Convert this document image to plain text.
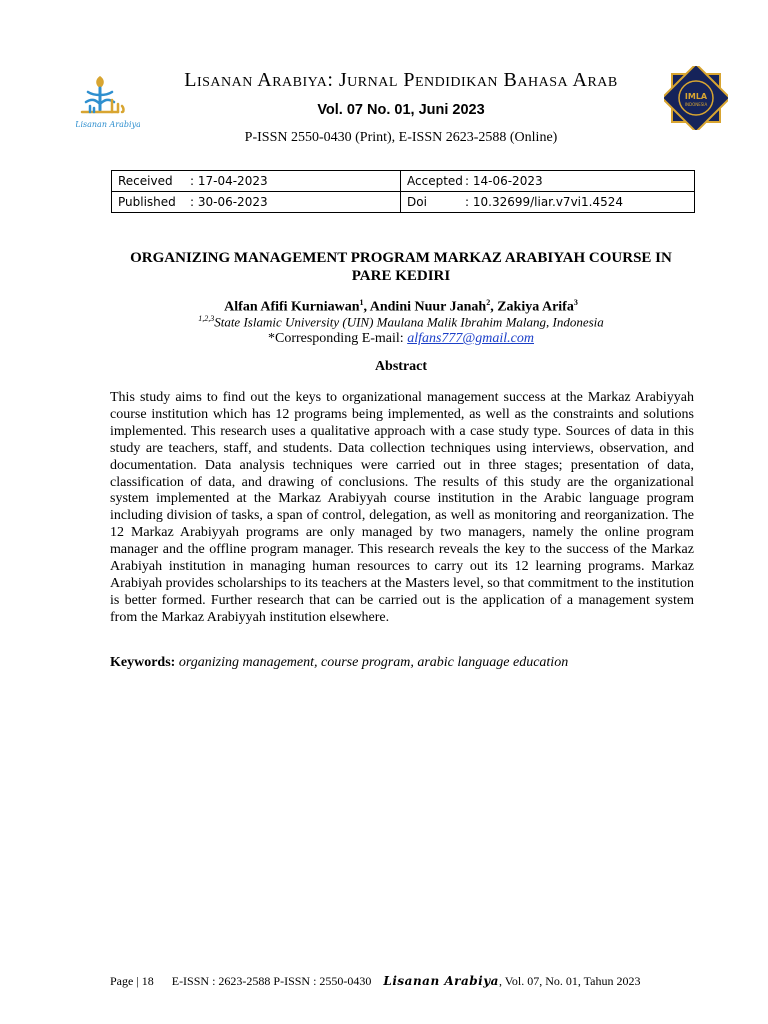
Lisanan Arabiya
IMLA
INDONESIA
Lisanan Arabiya: Jurnal Pendidikan Bahasa Arab
Vol. 07 No. 01, Juni 2023
P-ISSN 2550-0430 (Print), E-ISSN 2623-2588 (Online)
Received : 17-04-2023	Accepted : 14-06-2023
Published : 30-06-2023	Doi : 10.32699/liar.v7vi1.4524
ORGANIZING MANAGEMENT PROGRAM MARKAZ ARABIYAH COURSE IN PARE KEDIRI
Alfan Afifi Kurniawan$^1$, Andini Nuur Janah$^2$, Zakiya Arifa$^3$
$^{1,2,3}$State Islamic University (UIN) Maulana Malik Ibrahim Malang, Indonesia
*Corresponding E-mail: alfans777@gmail.com
Abstract

This study aims to find out the keys to organizational management success at the Markaz Arabiyyah course institution which has 12 programs being implemented, as well as the constraints and solutions implemented. This research uses a qualitative approach with a case study type. Sources of data in this study are teachers, staff, and students. Data collection techniques using interviews, observation, and documentation. Data analysis techniques were carried out in three stages; presentation of data, classification of data, and drawing of conclusions. The results of this study are the organizational system implemented at the Markaz Arabiyyah course institution in the Arabic language program including division of tasks, a span of control, delegation, as well as monitoring and reorganization. The 12 Markaz Arabiyyah programs are only managed by two managers, namely the online program manager and the offline program manager. This research reveals the key to the success of the Markaz Arabiyah institution in managing human resources to carry out its 12 learning programs. Markaz Arabiyah provides scholarships to its teachers at the Masters level, so that commitment to the institution is better formed. Further research that can be carried out is the application of a management system from the Markaz Arabiyyah institution elsewhere.

Keywords: organizing management, course program, arabic language education
Page | 18 E-ISSN : 2623-2588 P-ISSN : 2550-0430 Lisanan Arabiya, Vol. 07, No. 01, Tahun 2023
